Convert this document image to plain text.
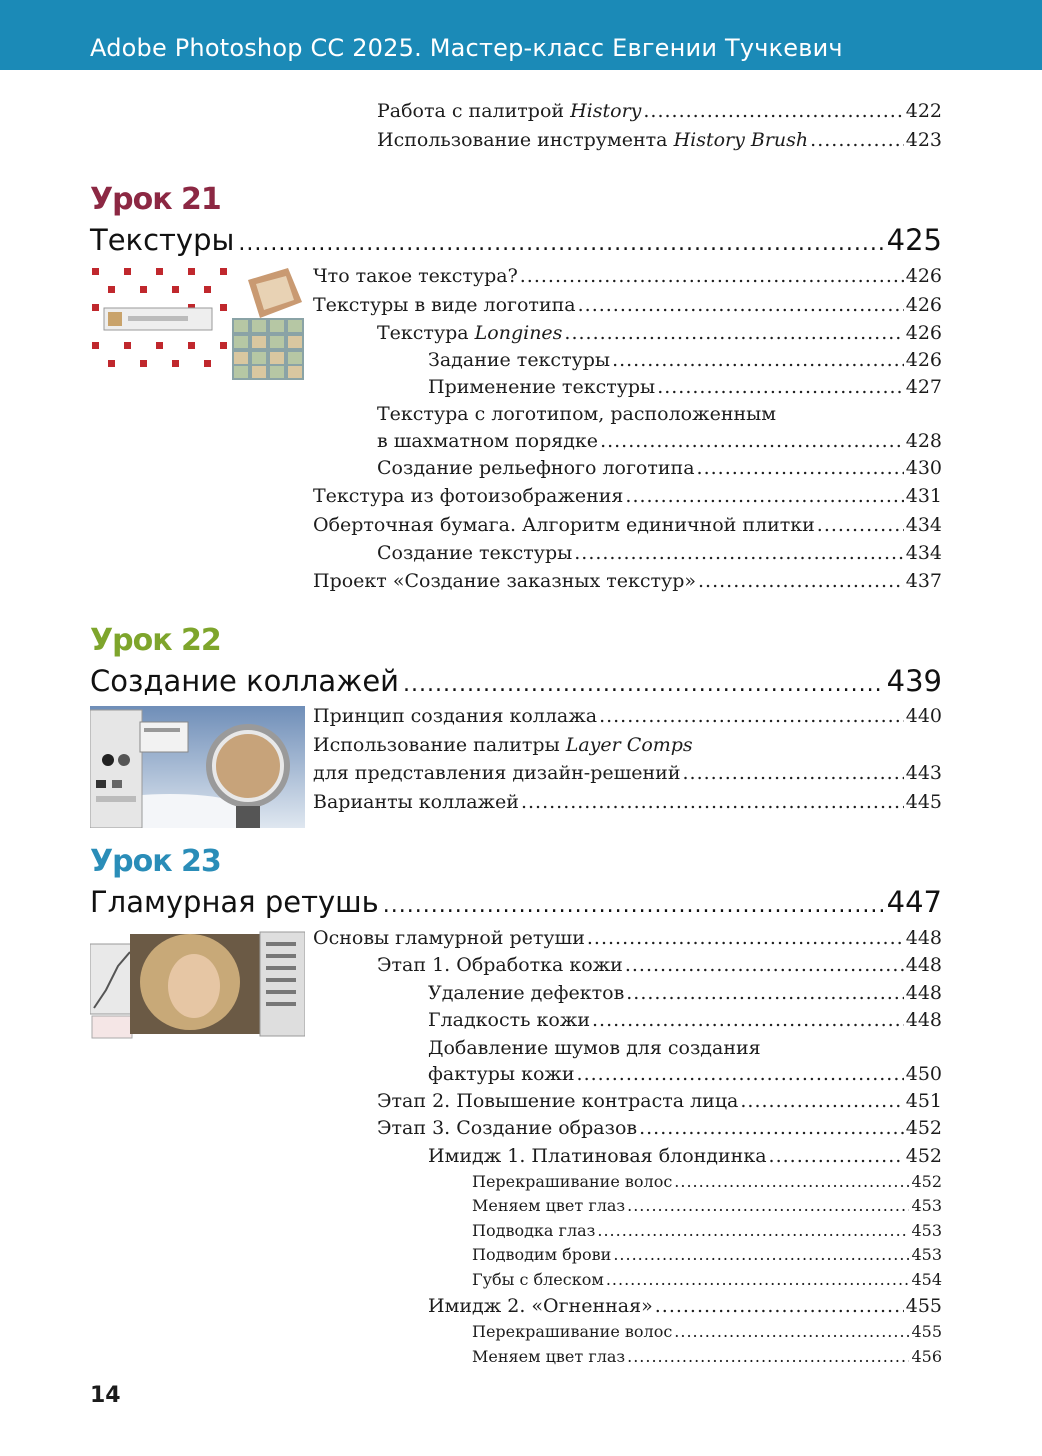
Adobe Photoshop CC 2025. Мастер-класс Евгении Тучкевич
Работа с палитрой History .....	422
Использование инструмента History Brush .....	423
Урок 21
Текстуры .....	425
Что такое текстура? .....	426
Текстуры в виде логотипа .....	426
Текстура Longines .....	426
Задание текстуры .....	426
Применение текстуры .....	427
Текстура с логотипом, расположенным
в шахматном порядке .....	428
Создание рельефного логотипа .....	430
Текстура из фотоизображения .....	431
Оберточная бумага. Алгоритм единичной плитки .....	434
Создание текстуры .....	434
Проект «Создание заказных текстур» .....	437
Урок 22
Создание коллажей .....	439
Принцип создания коллажа .....	440
Использование палитры Layer Comps
для представления дизайн-решений .....	443
Варианты коллажей .....	445
Урок 23
Гламурная ретушь .....	447
Основы гламурной ретуши .....	448
Этап 1. Обработка кожи .....	448
Удаление дефектов .....	448
Гладкость кожи .....	448
Добавление шумов для создания
фактуры кожи .....	450
Этап 2. Повышение контраста лица .....	451
Этап 3. Создание образов .....	452
Имидж 1. Платиновая блондинка .....	452
Перекрашивание волос .....	452
Меняем цвет глаз .....	453
Подводка глаз .....	453
Подводим брови .....	453
Губы с блеском .....	454
Имидж 2. «Огненная» .....	455
Перекрашивание волос .....	455
Меняем цвет глаз .....	456
14
